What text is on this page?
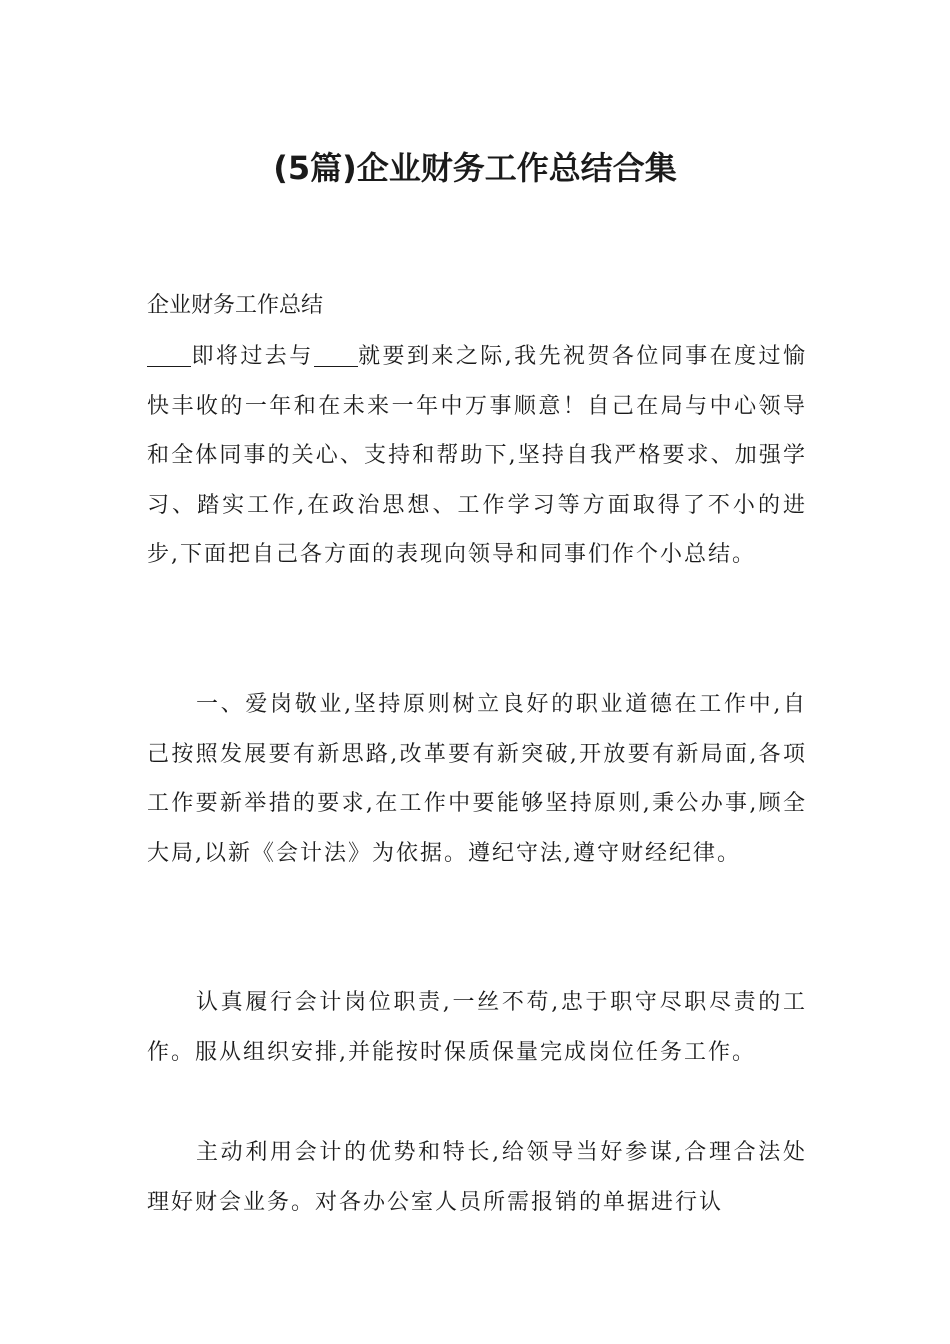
(5篇)企业财务工作总结合集

企业财务工作总结

即将过去与 就要到来之际,我先祝贺各位同事在度过愉快丰收的一年和在未来一年中万事顺意！自己在局与中心领导和全体同事的关心、支持和帮助下,坚持自我严格要求、加强学习、踏实工作,在政治思想、工作学习等方面取得了不小的进步,下面把自己各方面的表现向领导和同事们作个小总结。

一、爱岗敬业,坚持原则树立良好的职业道德在工作中,自己按照发展要有新思路,改革要有新突破,开放要有新局面,各项工作要新举措的要求,在工作中要能够坚持原则,秉公办事,顾全大局,以新《会计法》为依据。遵纪守法,遵守财经纪律。

认真履行会计岗位职责,一丝不苟,忠于职守尽职尽责的工作。服从组织安排,并能按时保质保量完成岗位任务工作。

主动利用会计的优势和特长,给领导当好参谋,合理合法处理好财会业务。对各办公室人员所需报销的单据进行认
